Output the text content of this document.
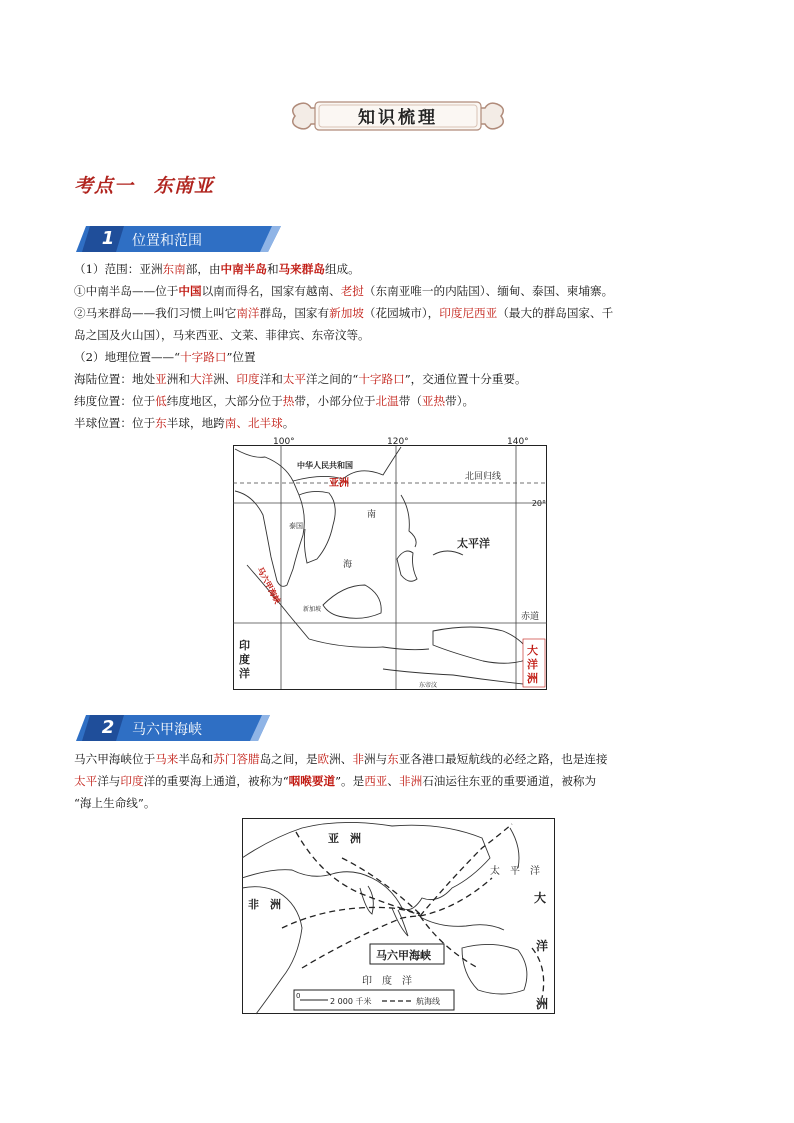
知识梳理
考点一 东南亚
1	位置和范围
（1）范围：亚洲东南部，由中南半岛和马来群岛组成。
①中南半岛——位于中国以南而得名，国家有越南、老挝（东南亚唯一的内陆国）、缅甸、泰国、柬埔寨。
②马来群岛——我们习惯上叫它南洋群岛，国家有新加坡（花园城市），印度尼西亚（最大的群岛国家、千
岛之国及火山国），马来西亚、文莱、菲律宾、东帝汶等。
（2）地理位置——“十字路口”位置
海陆位置：地处亚洲和大洋洲、印度洋和太平洋之间的“十字路口”，交通位置十分重要。
纬度位置：位于低纬度地区，大部分位于热带，小部分位于北温带（亚热带）。
半球位置：位于东半球，地跨南、北半球。
100°	120°	140°
20°
中华人民共和国
亚洲
北回归线
南
海
太平洋
赤道
泰国
新加坡
东帝汶
印
度
洋
大
洋
洲
马六甲海峡
2	马六甲海峡
马六甲海峡位于马来半岛和苏门答腊岛之间，是欧洲、非洲与东亚各港口最短航线的必经之路，也是连接
太平洋与印度洋的重要海上通道，被称为“咽喉要道”。是西亚、非洲石油运往东亚的重要通道，被称为
“海上生命线”。
亚　洲
非　洲
太　平　洋
大
洋
洲
印　度　洋
马六甲海峡
0
2 000 千米	航海线
